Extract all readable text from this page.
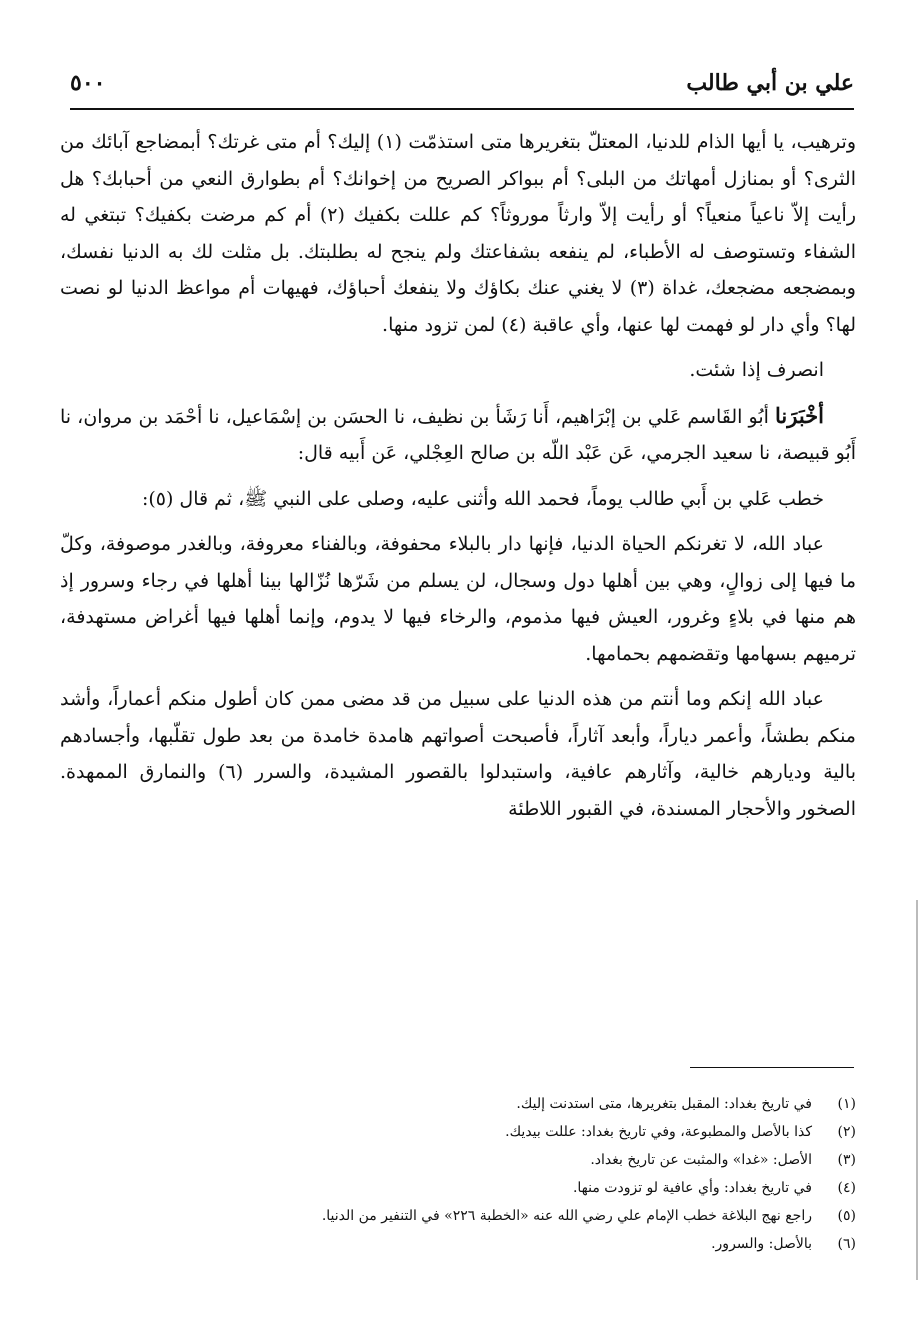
علي بن أبي طالب
٥٠٠

وترهيب، يا أيها الذام للدنيا، المعتلّ بتغريرها متى استذمّت (١) إليك؟ أم متى غرتك؟ أبمضاجع آبائك من الثرى؟ أو بمنازل أمهاتك من البلى؟ أم ببواكر الصريح من إخوانك؟ أم بطوارق النعي من أحبابك؟ هل رأيت إلاّ ناعياً منعياً؟ أو رأيت إلاّ وارثاً موروثاً؟ كم عللت بكفيك (٢) أم كم مرضت بكفيك؟ تبتغي له الشفاء وتستوصف له الأطباء، لم ينفعه بشفاعتك ولم ينجح له بطلبتك. بل مثلت لك به الدنيا نفسك، وبمضجعه مضجعك، غداة (٣) لا يغني عنك بكاؤك ولا ينفعك أحباؤك، فهيهات أم مواعظ الدنيا لو نصت لها؟ وأي دار لو فهمت لها عنها، وأي عاقبة (٤) لمن تزود منها.

انصرف إذا شئت.

أخْبَرَنا أبُو القَاسم عَلي بن إبْرَاهيم، أَنا رَشَأ بن نظيف، نا الحسَن بن إسْمَاعيل، نا أحْمَد بن مروان، نا أَبُو قبيصة، نا سعيد الجرمي، عَن عَبْد اللّه بن صالح العِجْلي، عَن أَبيه قال:

خطب عَلي بن أَبي طالب يوماً، فحمد الله وأثنى عليه، وصلى على النبي ﷺ، ثم قال (٥):

عباد الله، لا تغرنكم الحياة الدنيا، فإنها دار بالبلاء محفوفة، وبالفناء معروفة، وبالغدر موصوفة، وكلّ ما فيها إلى زوالٍ، وهي بين أهلها دول وسجال، لن يسلم من شَرّها نُزّالها بينا أهلها في رجاء وسرور إذ هم منها في بلاءٍ وغرور، العيش فيها مذموم، والرخاء فيها لا يدوم، وإنما أهلها فيها أغراض مستهدفة، ترميهم بسهامها وتقضمهم بحمامها.

عباد الله إنكم وما أنتم من هذه الدنيا على سبيل من قد مضى ممن كان أطول منكم أعماراً، وأشد منكم بطشاً، وأعمر دياراً، وأبعد آثاراً، فأصبحت أصواتهم هامدة خامدة من بعد طول تقلّبها، وأجسادهم بالية وديارهم خالية، وآثارهم عافية، واستبدلوا بالقصور المشيدة، والسرر (٦) والنمارق الممهدة. الصخور والأحجار المسندة، في القبور اللاطئة

(١)
في تاريخ بغداد: المقبل بتغريرها، متى استدنت إليك.
(٢)
كذا بالأصل والمطبوعة، وفي تاريخ بغداد: عللت بيديك.
(٣)
الأصل: «غدا» والمثبت عن تاريخ بغداد.
(٤)
في تاريخ بغداد: وأي عافية لو تزودت منها.
(٥)
راجع نهج البلاغة خطب الإمام علي رضي الله عنه «الخطبة ٢٢٦» في التنفير من الدنيا.
(٦)
بالأصل: والسرور.
